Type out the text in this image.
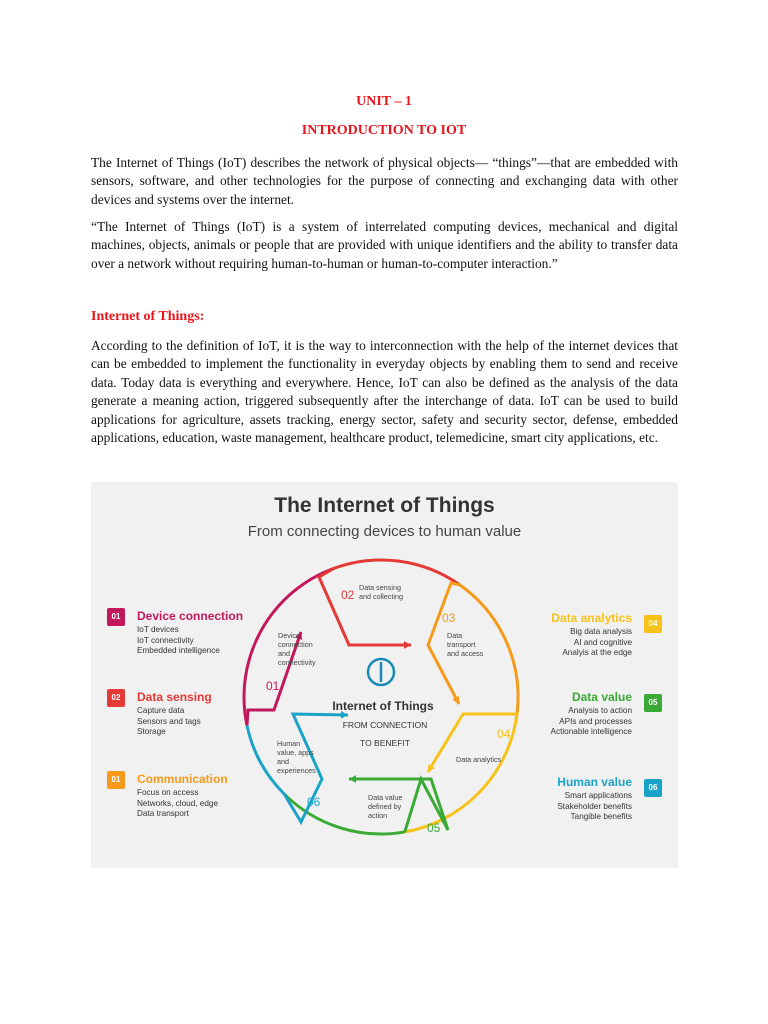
UNIT – 1
INTRODUCTION TO IOT

The Internet of Things (IoT) describes the network of physical objects— “things”—that are embedded with sensors, software, and other technologies for the purpose of connecting and exchanging data with other devices and systems over the internet.

“The Internet of Things (IoT) is a system of interrelated computing devices, mechanical and digital machines, objects, animals or people that are provided with unique identifiers and the ability to transfer data over a network without requiring human-to-human or human-to-computer interaction.”

Internet of Things:

According to the definition of IoT, it is the way to interconnection with the help of the internet devices that can be embedded to implement the functionality in everyday objects by enabling them to send and receive data. Today data is everything and everywhere. Hence, IoT can also be defined as the analysis of the data generate a meaning action, triggered subsequently after the interchange of data. IoT can be used to build applications for agriculture, assets tracking, energy sector, safety and security sector, defense, embedded applications, education, waste management, healthcare product, telemedicine, smart city applications, etc.

The Internet of Things
From connecting devices to human value
01
Device
connection
and
connectivity
02
Data sensing
and collecting
03
Data
transport
and access
04
Data analytics
05
Data value
defined by
action
06
Human
value, apps
and
experiences
Internet of Things
FROM CONNECTION
TO BENEFIT
01	Device connection
IoT devices
IoT connectivity
Embedded intelligence
02	Data sensing
Capture data
Sensors and tags
Storage
01	Communication
Focus on access
Networks, cloud, edge
Data transport
04
Data analytics
Big data analysis
AI and cognitive
Analyis at the edge
05
Data value
Analysis to action
APIs and processes
Actionable intelligence
06
Human value
Smart applications
Stakeholder benefits
Tangible benefits
